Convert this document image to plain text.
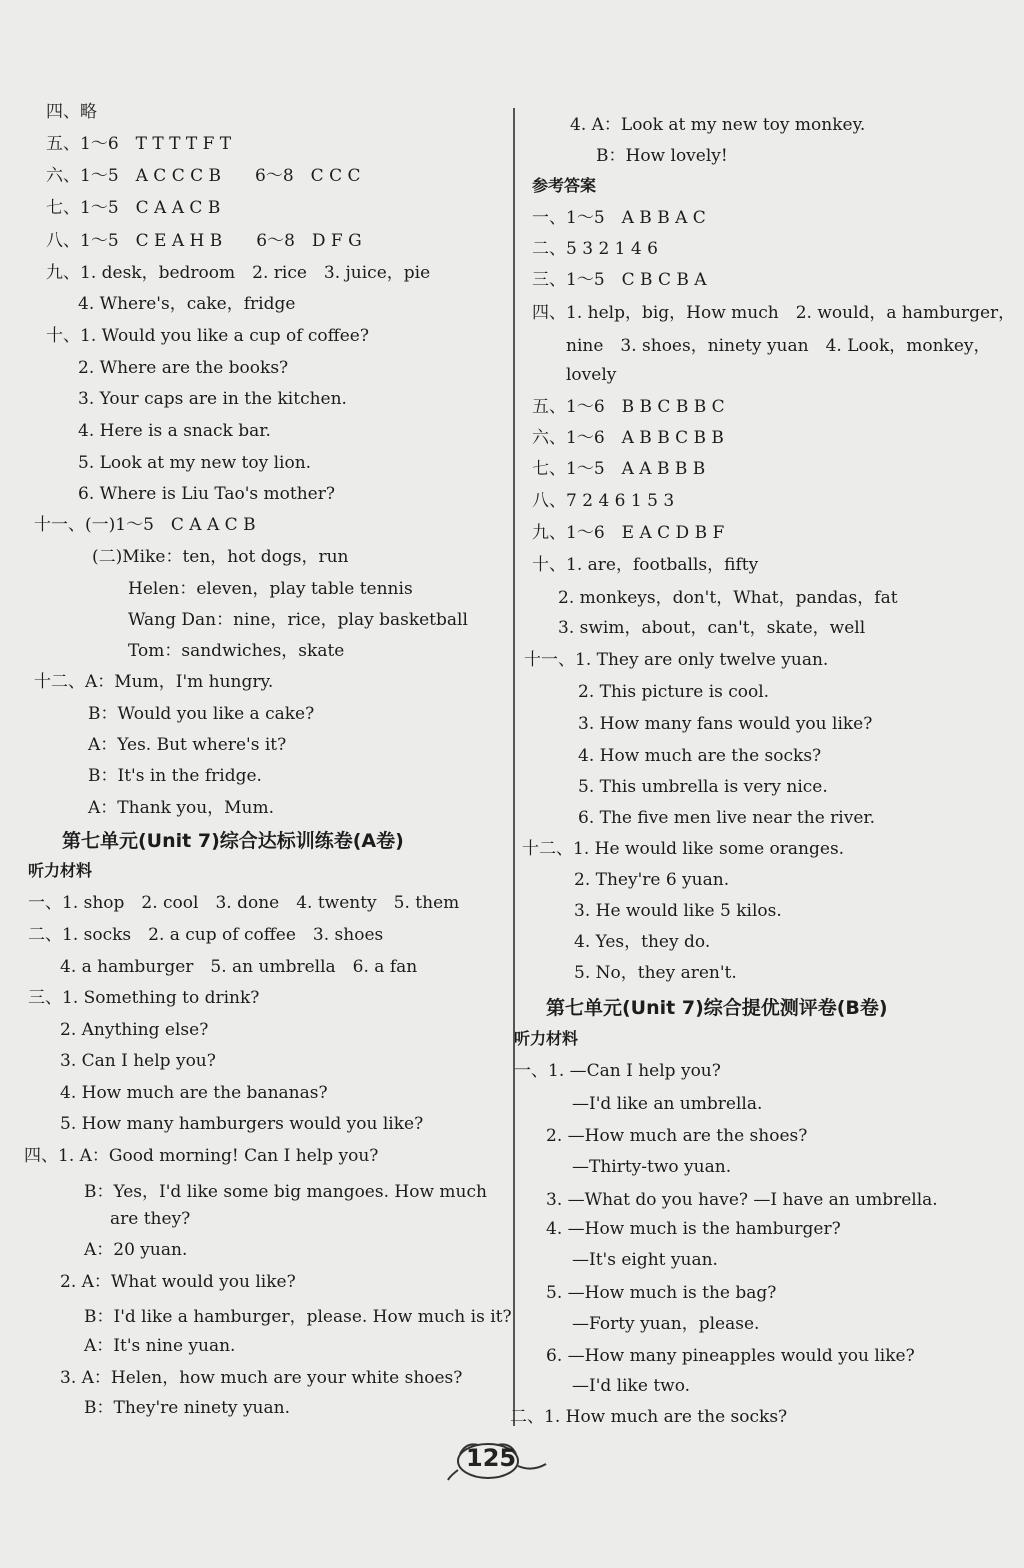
四、略
五、1～6　T T T T F T
六、1～5　A C C C B　　6～8　C C C
七、1～5　C A A C B
八、1～5　C E A H B　　6～8　D F G
九、1. desk，bedroom　2. rice　3. juice，pie
4. Where's，cake，fridge
十、1. Would you like a cup of coffee?
2. Where are the books?
3. Your caps are in the kitchen.
4. Here is a snack bar.
5. Look at my new toy lion.
6. Where is Liu Tao's mother?
十一、(一)1～5　C A A C B
(二)Mike：ten，hot dogs，run
Helen：eleven，play table tennis
Wang Dan：nine，rice，play basketball
Tom：sandwiches，skate
十二、A：Mum，I'm hungry.
B：Would you like a cake?
A：Yes. But where's it?
B：It's in the fridge.
A：Thank you，Mum.
第七单元(Unit 7)综合达标训练卷(A卷)
听力材料
一、1. shop　2. cool　3. done　4. twenty　5. them
二、1. socks　2. a cup of coffee　3. shoes
4. a hamburger　5. an umbrella　6. a fan
三、1. Something to drink?
2. Anything else?
3. Can I help you?
4. How much are the bananas?
5. How many hamburgers would you like?
四、1. A：Good morning! Can I help you?
B：Yes，I'd like some big mangoes. How much
are they?
A：20 yuan.
2. A：What would you like?
B：I'd like a hamburger，please. How much is it?
A：It's nine yuan.
3. A：Helen，how much are your white shoes?
B：They're ninety yuan.
4. A：Look at my new toy monkey.
B：How lovely!
参考答案
一、1～5　A B B A C
二、5 3 2 1 4 6
三、1～5　C B C B A
四、1. help，big，How much　2. would，a hamburger，
nine　3. shoes，ninety yuan　4. Look，monkey，
lovely
五、1～6　B B C B B C
六、1～6　A B B C B B
七、1～5　A A B B B
八、7 2 4 6 1 5 3
九、1～6　E A C D B F
十、1. are，footballs，fifty
2. monkeys，don't，What，pandas，fat
3. swim，about，can't，skate，well
十一、1. They are only twelve yuan.
2. This picture is cool.
3. How many fans would you like?
4. How much are the socks?
5. This umbrella is very nice.
6. The five men live near the river.
十二、1. He would like some oranges.
2. They're 6 yuan.
3. He would like 5 kilos.
4. Yes，they do.
5. No，they aren't.
第七单元(Unit 7)综合提优测评卷(B卷)
听力材料
一、1. —Can I help you?
—I'd like an umbrella.
2. —How much are the shoes?
—Thirty-two yuan.
3. —What do you have? —I have an umbrella.
4. —How much is the hamburger?
—It's eight yuan.
5. —How much is the bag?
—Forty yuan，please.
6. —How many pineapples would you like?
—I'd like two.
二、1. How much are the socks?
125
